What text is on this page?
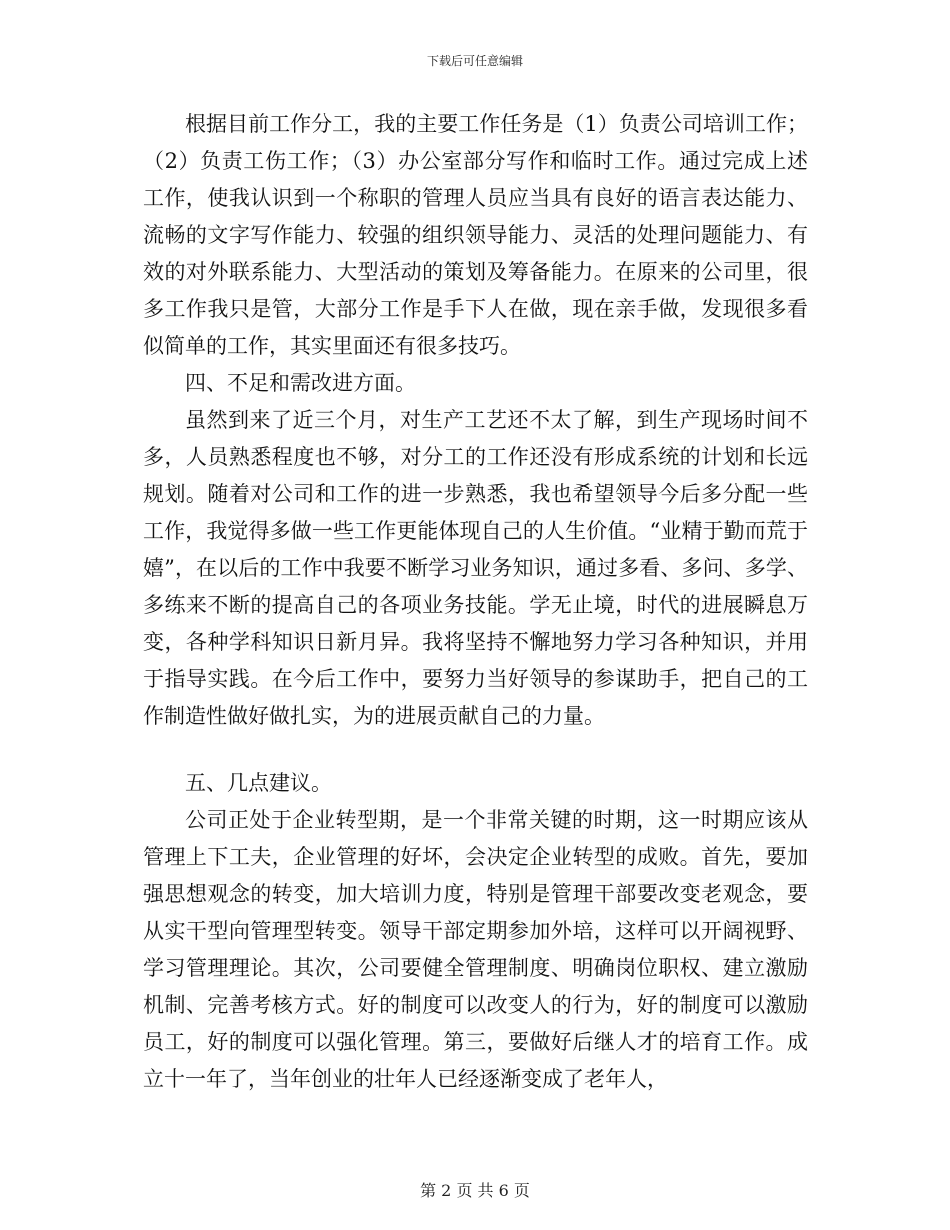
下载后可任意编辑

根据目前工作分工，我的主要工作任务是（1）负责公司培训工作；（2）负责工伤工作；（3）办公室部分写作和临时工作。通过完成上述工作，使我认识到一个称职的管理人员应当具有良好的语言表达能力、流畅的文字写作能力、较强的组织领导能力、灵活的处理问题能力、有效的对外联系能力、大型活动的策划及筹备能力。在原来的公司里，很多工作我只是管，大部分工作是手下人在做，现在亲手做，发现很多看似简单的工作，其实里面还有很多技巧。

四、不足和需改进方面。

虽然到来了近三个月，对生产工艺还不太了解，到生产现场时间不多，人员熟悉程度也不够，对分工的工作还没有形成系统的计划和长远规划。随着对公司和工作的进一步熟悉，我也希望领导今后多分配一些工作，我觉得多做一些工作更能体现自己的人生价值。“业精于勤而荒于嬉”，在以后的工作中我要不断学习业务知识，通过多看、多问、多学、多练来不断的提高自己的各项业务技能。学无止境，时代的进展瞬息万变，各种学科知识日新月异。我将坚持不懈地努力学习各种知识，并用于指导实践。在今后工作中，要努力当好领导的参谋助手，把自己的工作制造性做好做扎实，为的进展贡献自己的力量。

五、几点建议。

公司正处于企业转型期，是一个非常关键的时期，这一时期应该从管理上下工夫，企业管理的好坏，会决定企业转型的成败。首先，要加强思想观念的转变，加大培训力度，特别是管理干部要改变老观念，要从实干型向管理型转变。领导干部定期参加外培，这样可以开阔视野、学习管理理论。其次，公司要健全管理制度、明确岗位职权、建立激励机制、完善考核方式。好的制度可以改变人的行为，好的制度可以激励员工，好的制度可以强化管理。第三，要做好后继人才的培育工作。成立十一年了，当年创业的壮年人已经逐渐变成了老年人，

第 2 页 共 6 页
